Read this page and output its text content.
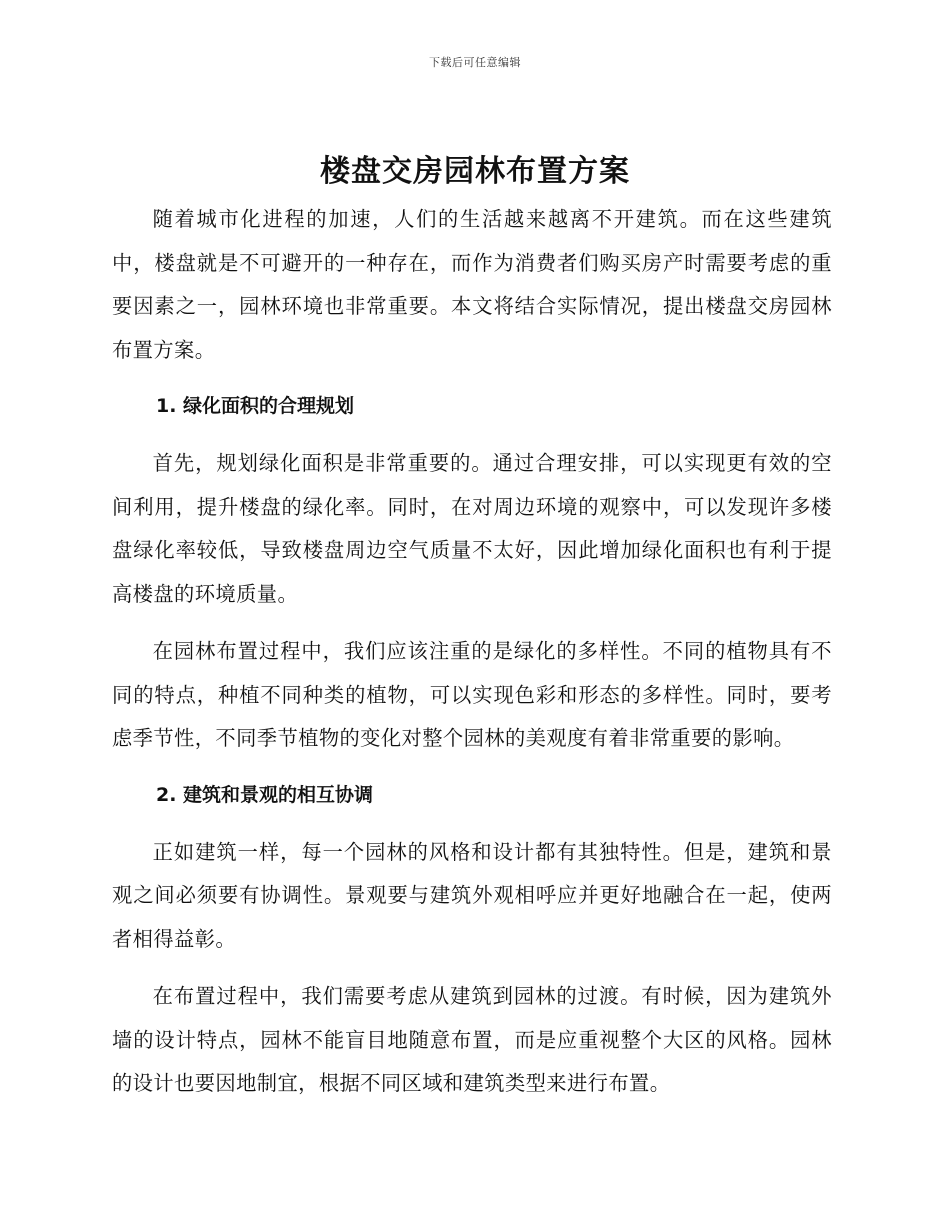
下载后可任意编辑
楼盘交房园林布置方案

随着城市化进程的加速，人们的生活越来越离不开建筑。而在这些建筑中，楼盘就是不可避开的一种存在，而作为消费者们购买房产时需要考虑的重要因素之一，园林环境也非常重要。本文将结合实际情况，提出楼盘交房园林布置方案。

1. 绿化面积的合理规划

首先，规划绿化面积是非常重要的。通过合理安排，可以实现更有效的空间利用，提升楼盘的绿化率。同时，在对周边环境的观察中，可以发现许多楼盘绿化率较低，导致楼盘周边空气质量不太好，因此增加绿化面积也有利于提高楼盘的环境质量。

在园林布置过程中，我们应该注重的是绿化的多样性。不同的植物具有不同的特点，种植不同种类的植物，可以实现色彩和形态的多样性。同时，要考虑季节性，不同季节植物的变化对整个园林的美观度有着非常重要的影响。

2. 建筑和景观的相互协调

正如建筑一样，每一个园林的风格和设计都有其独特性。但是，建筑和景观之间必须要有协调性。景观要与建筑外观相呼应并更好地融合在一起，使两者相得益彰。

在布置过程中，我们需要考虑从建筑到园林的过渡。有时候，因为建筑外墙的设计特点，园林不能盲目地随意布置，而是应重视整个大区的风格。园林的设计也要因地制宜，根据不同区域和建筑类型来进行布置。
